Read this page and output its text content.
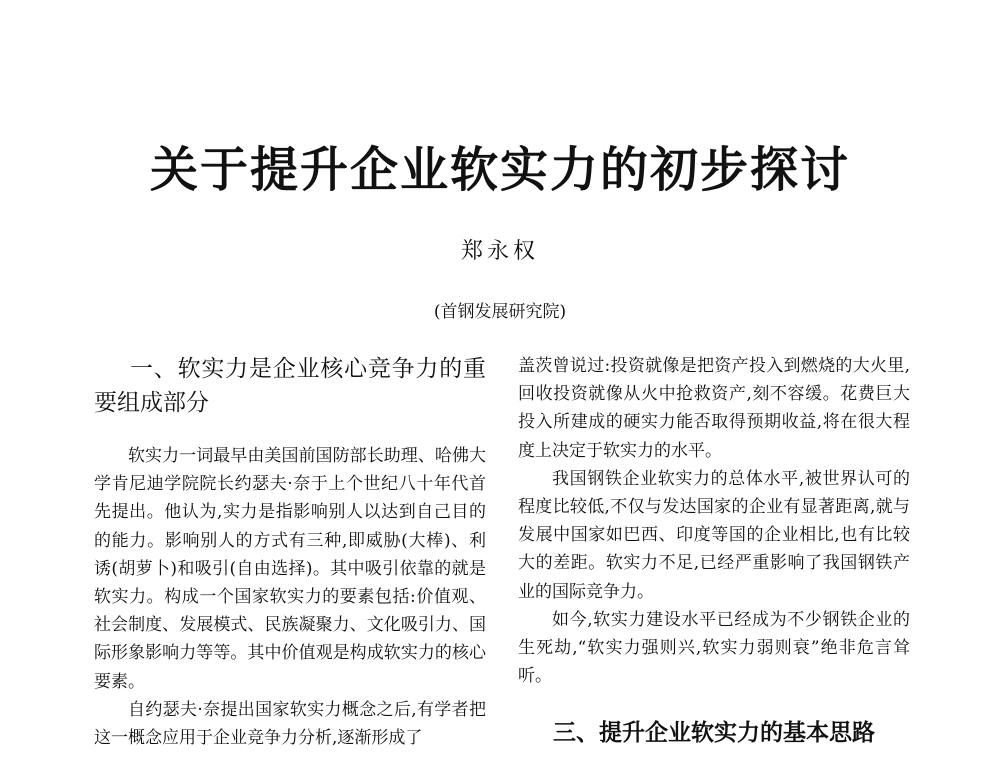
关于提升企业软实力的初步探讨
郑永权
(首钢发展研究院)
一、软实力是企业核心竞争力的重要组成部分

软实力一词最早由美国前国防部长助理、哈佛大学肯尼迪学院院长约瑟夫·奈于上个世纪八十年代首先提出。他认为,实力是指影响别人以达到自己目的的能力。影响别人的方式有三种,即威胁(大棒)、利诱(胡萝卜)和吸引(自由选择)。其中吸引依靠的就是软实力。构成一个国家软实力的要素包括:价值观、社会制度、发展模式、民族凝聚力、文化吸引力、国际形象影响力等等。其中价值观是构成软实力的核心要素。

自约瑟夫·奈提出国家软实力概念之后,有学者把这一概念应用于企业竞争力分析,逐渐形成了

盖茨曾说过:投资就像是把资产投入到燃烧的大火里,回收投资就像从火中抢救资产,刻不容缓。花费巨大投入所建成的硬实力能否取得预期收益,将在很大程度上决定于软实力的水平。

我国钢铁企业软实力的总体水平,被世界认可的程度比较低,不仅与发达国家的企业有显著距离,就与发展中国家如巴西、印度等国的企业相比,也有比较大的差距。软实力不足,已经严重影响了我国钢铁产业的国际竞争力。

如今,软实力建设水平已经成为不少钢铁企业的生死劫,“软实力强则兴,软实力弱则衰”绝非危言耸听。

三、提升企业软实力的基本思路
